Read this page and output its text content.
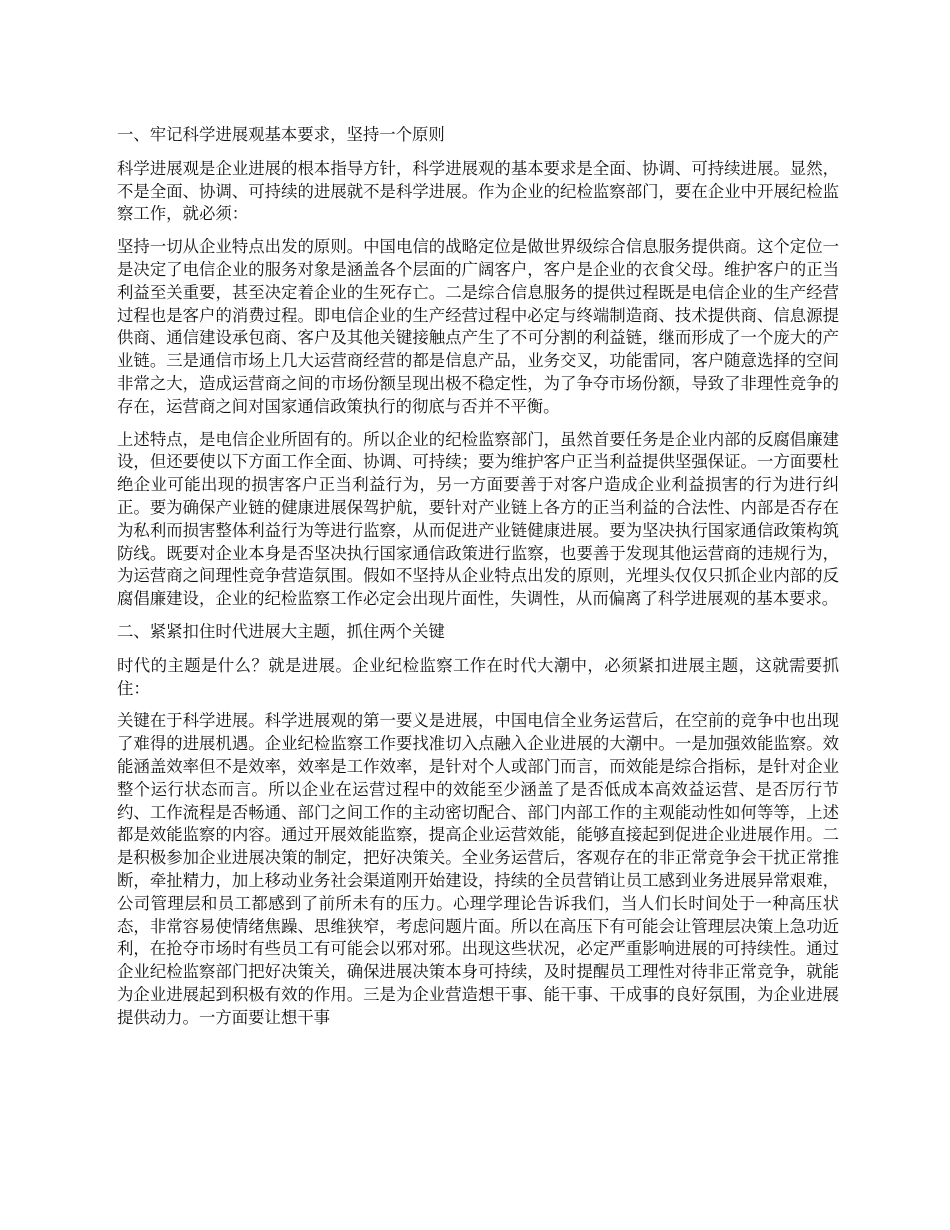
一、牢记科学进展观基本要求，坚持一个原则

科学进展观是企业进展的根本指导方针，科学进展观的基本要求是全面、协调、可持续进展。显然，不是全面、协调、可持续的进展就不是科学进展。作为企业的纪检监察部门，要在企业中开展纪检监察工作，就必须：

坚持一切从企业特点出发的原则。中国电信的战略定位是做世界级综合信息服务提供商。这个定位一是决定了电信企业的服务对象是涵盖各个层面的广阔客户，客户是企业的衣食父母。维护客户的正当利益至关重要，甚至决定着企业的生死存亡。二是综合信息服务的提供过程既是电信企业的生产经营过程也是客户的消费过程。即电信企业的生产经营过程中必定与终端制造商、技术提供商、信息源提供商、通信建设承包商、客户及其他关键接触点产生了不可分割的利益链，继而形成了一个庞大的产业链。三是通信市场上几大运营商经营的都是信息产品，业务交叉，功能雷同，客户随意选择的空间非常之大，造成运营商之间的市场份额呈现出极不稳定性，为了争夺市场份额，导致了非理性竞争的存在，运营商之间对国家通信政策执行的彻底与否并不平衡。

上述特点，是电信企业所固有的。所以企业的纪检监察部门，虽然首要任务是企业内部的反腐倡廉建设，但还要使以下方面工作全面、协调、可持续；要为维护客户正当利益提供坚强保证。一方面要杜绝企业可能出现的损害客户正当利益行为，另一方面要善于对客户造成企业利益损害的行为进行纠正。要为确保产业链的健康进展保驾护航，要针对产业链上各方的正当利益的合法性、内部是否存在为私利而损害整体利益行为等进行监察，从而促进产业链健康进展。要为坚决执行国家通信政策构筑防线。既要对企业本身是否坚决执行国家通信政策进行监察，也要善于发现其他运营商的违规行为，为运营商之间理性竞争营造氛围。假如不坚持从企业特点出发的原则，光埋头仅仅只抓企业内部的反腐倡廉建设，企业的纪检监察工作必定会出现片面性，失调性，从而偏离了科学进展观的基本要求。

二、紧紧扣住时代进展大主题，抓住两个关键

时代的主题是什么？就是进展。企业纪检监察工作在时代大潮中，必须紧扣进展主题，这就需要抓住：

关键在于科学进展。科学进展观的第一要义是进展，中国电信全业务运营后，在空前的竞争中也出现了难得的进展机遇。企业纪检监察工作要找准切入点融入企业进展的大潮中。一是加强效能监察。效能涵盖效率但不是效率，效率是工作效率，是针对个人或部门而言，而效能是综合指标，是针对企业整个运行状态而言。所以企业在运营过程中的效能至少涵盖了是否低成本高效益运营、是否厉行节约、工作流程是否畅通、部门之间工作的主动密切配合、部门内部工作的主观能动性如何等等，上述都是效能监察的内容。通过开展效能监察，提高企业运营效能，能够直接起到促进企业进展作用。二是积极参加企业进展决策的制定，把好决策关。全业务运营后，客观存在的非正常竞争会干扰正常推断，牵扯精力，加上移动业务社会渠道刚开始建设，持续的全员营销让员工感到业务进展异常艰难，公司管理层和员工都感到了前所未有的压力。心理学理论告诉我们，当人们长时间处于一种高压状态，非常容易使情绪焦躁、思维狭窄，考虑问题片面。所以在高压下有可能会让管理层决策上急功近利，在抢夺市场时有些员工有可能会以邪对邪。出现这些状况，必定严重影响进展的可持续性。通过企业纪检监察部门把好决策关，确保进展决策本身可持续，及时提醒员工理性对待非正常竞争，就能为企业进展起到积极有效的作用。三是为企业营造想干事、能干事、干成事的良好氛围，为企业进展提供动力。一方面要让想干事
